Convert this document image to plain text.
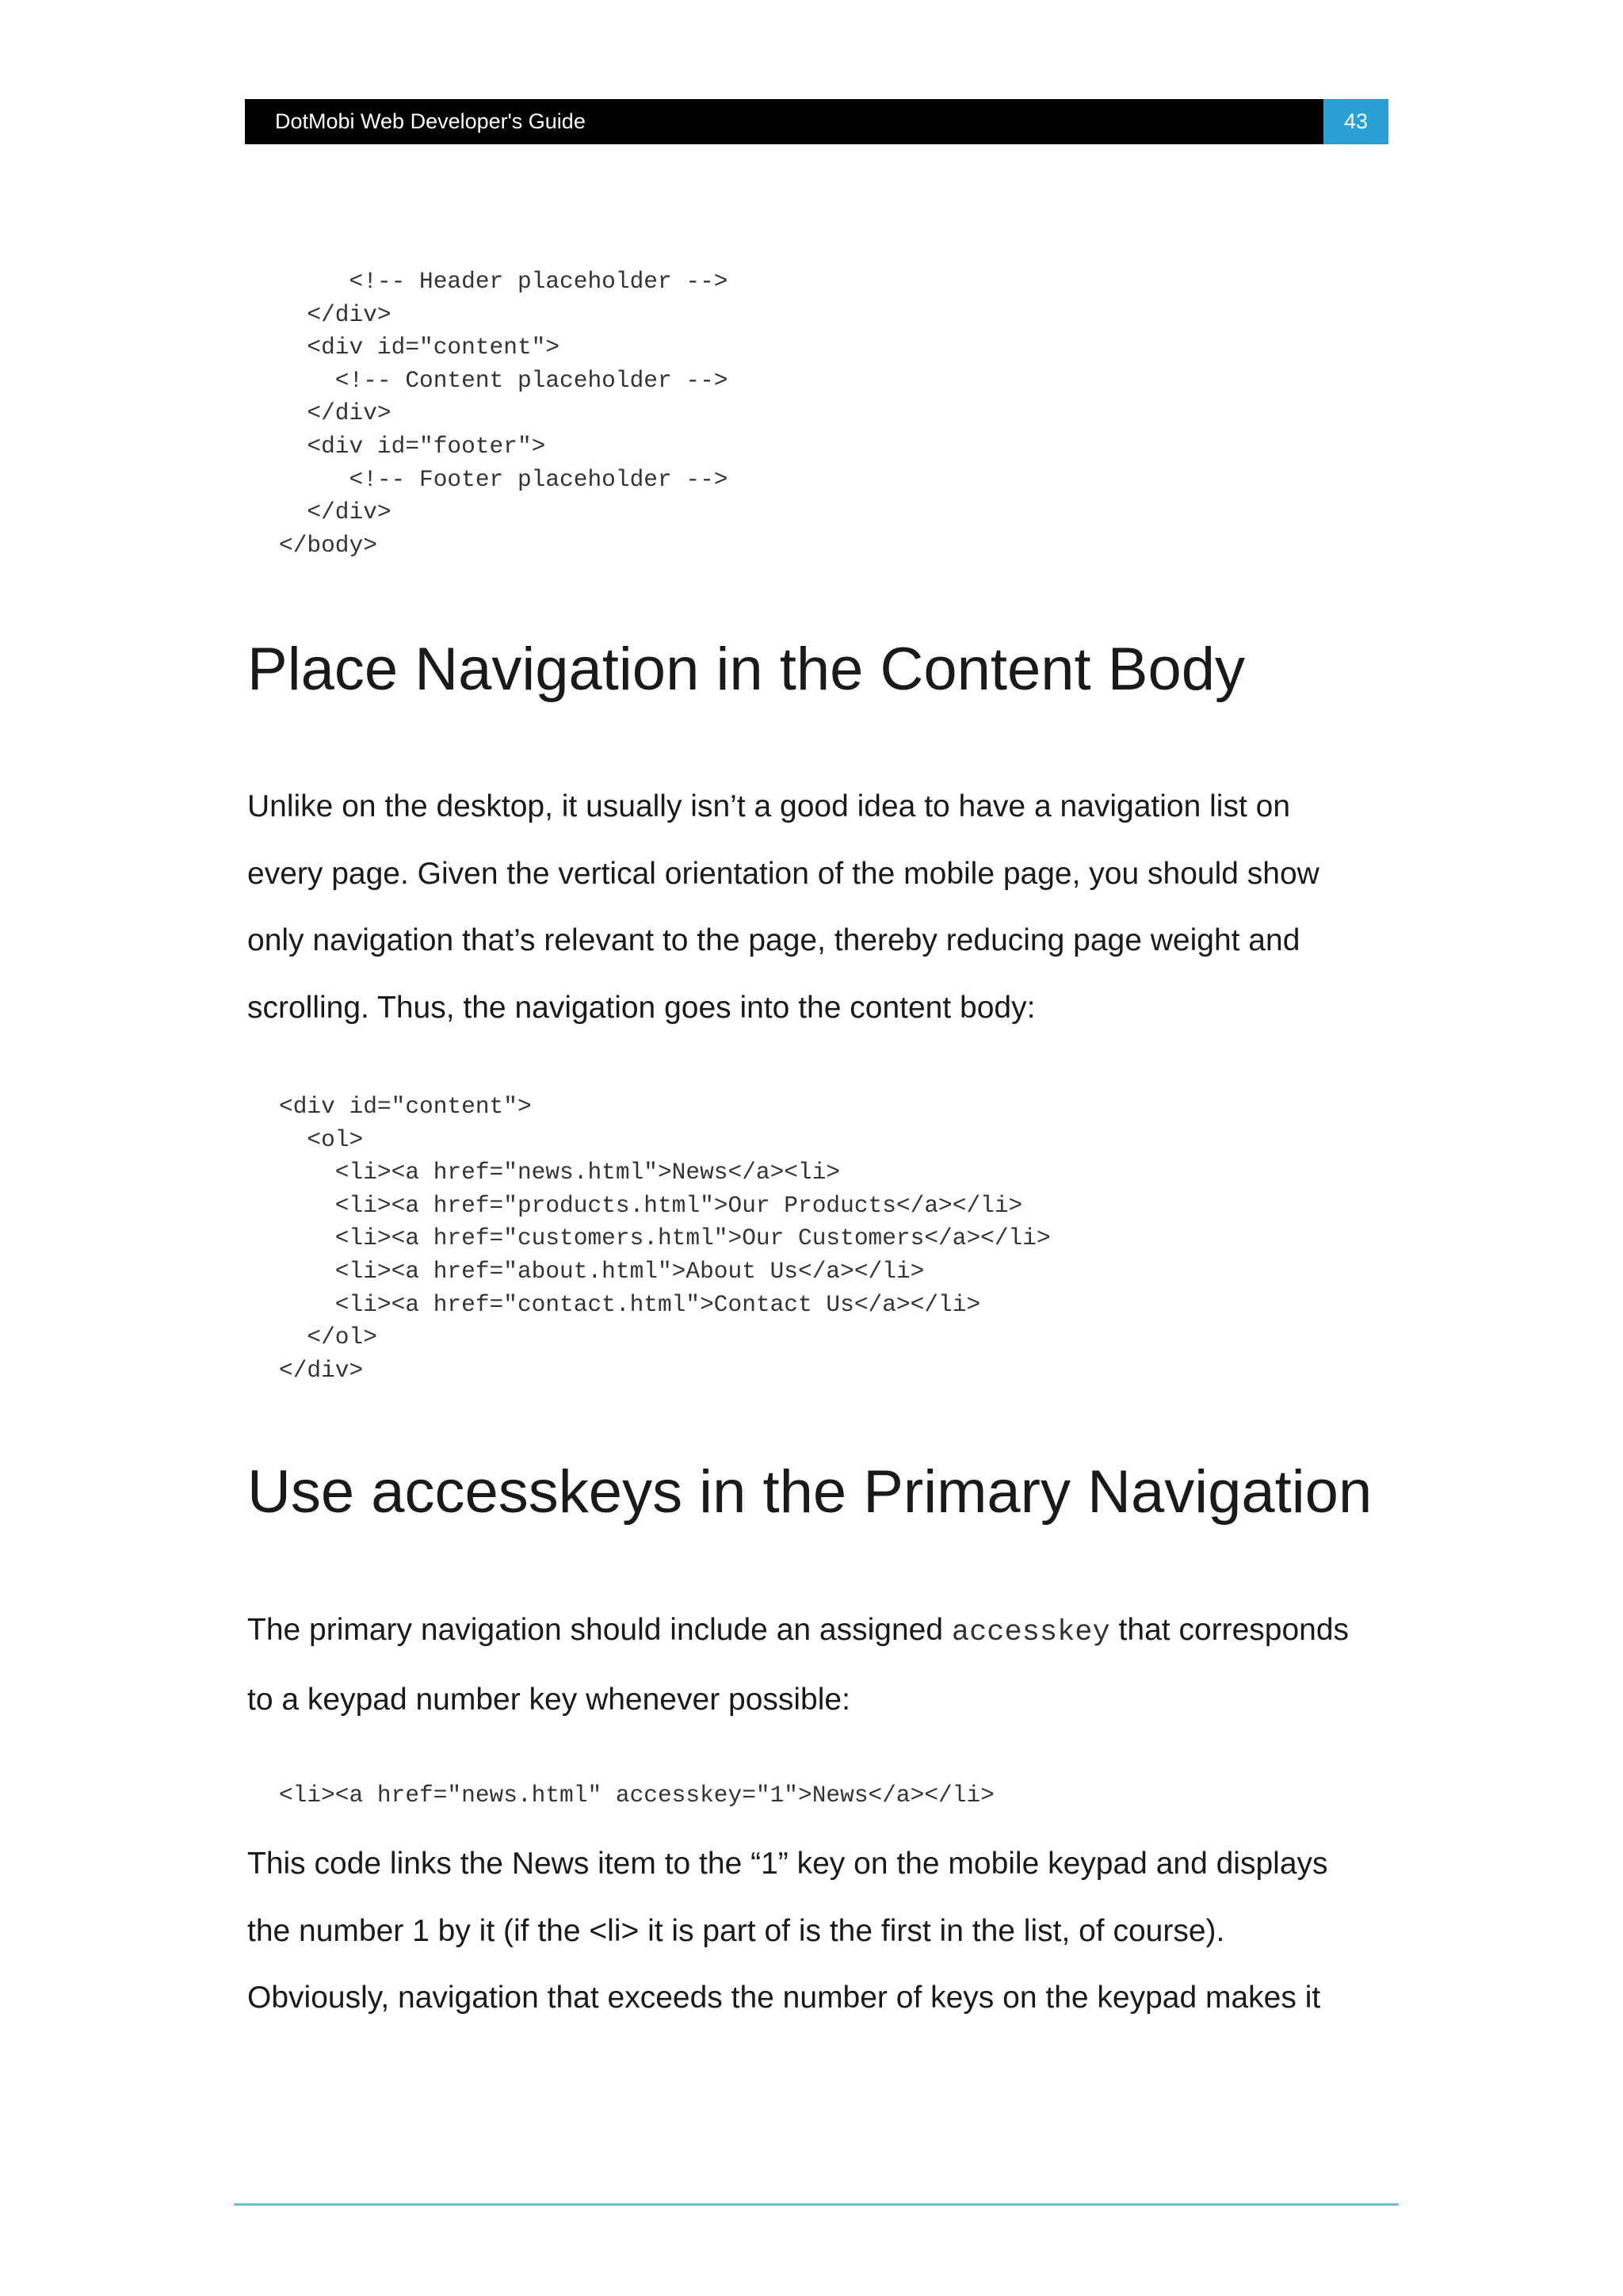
DotMobi Web Developer's Guide	43
<!-- Header placeholder -->
</div>
<div id="content">
<!-- Content placeholder -->
</div>
<div id="footer">
<!-- Footer placeholder -->
</div>
</body>
Place Navigation in the Content Body
Unlike on the desktop, it usually isn’t a good idea to have a navigation list on
every page. Given the vertical orientation of the mobile page, you should show
only navigation that’s relevant to the page, thereby reducing page weight and
scrolling. Thus, the navigation goes into the content body:
<div id="content">
<ol>
<li><a href="news.html">News</a><li>
<li><a href="products.html">Our Products</a></li>
<li><a href="customers.html">Our Customers</a></li>
<li><a href="about.html">About Us</a></li>
<li><a href="contact.html">Contact Us</a></li>
</ol>
</div>
Use accesskeys in the Primary Navigation
The primary navigation should include an assigned accesskey that corresponds
to a keypad number key whenever possible:
<li><a href="news.html" accesskey="1">News</a></li>
This code links the News item to the “1” key on the mobile keypad and displays
the number 1 by it (if the <li> it is part of is the first in the list, of course).
Obviously, navigation that exceeds the number of keys on the keypad makes it
